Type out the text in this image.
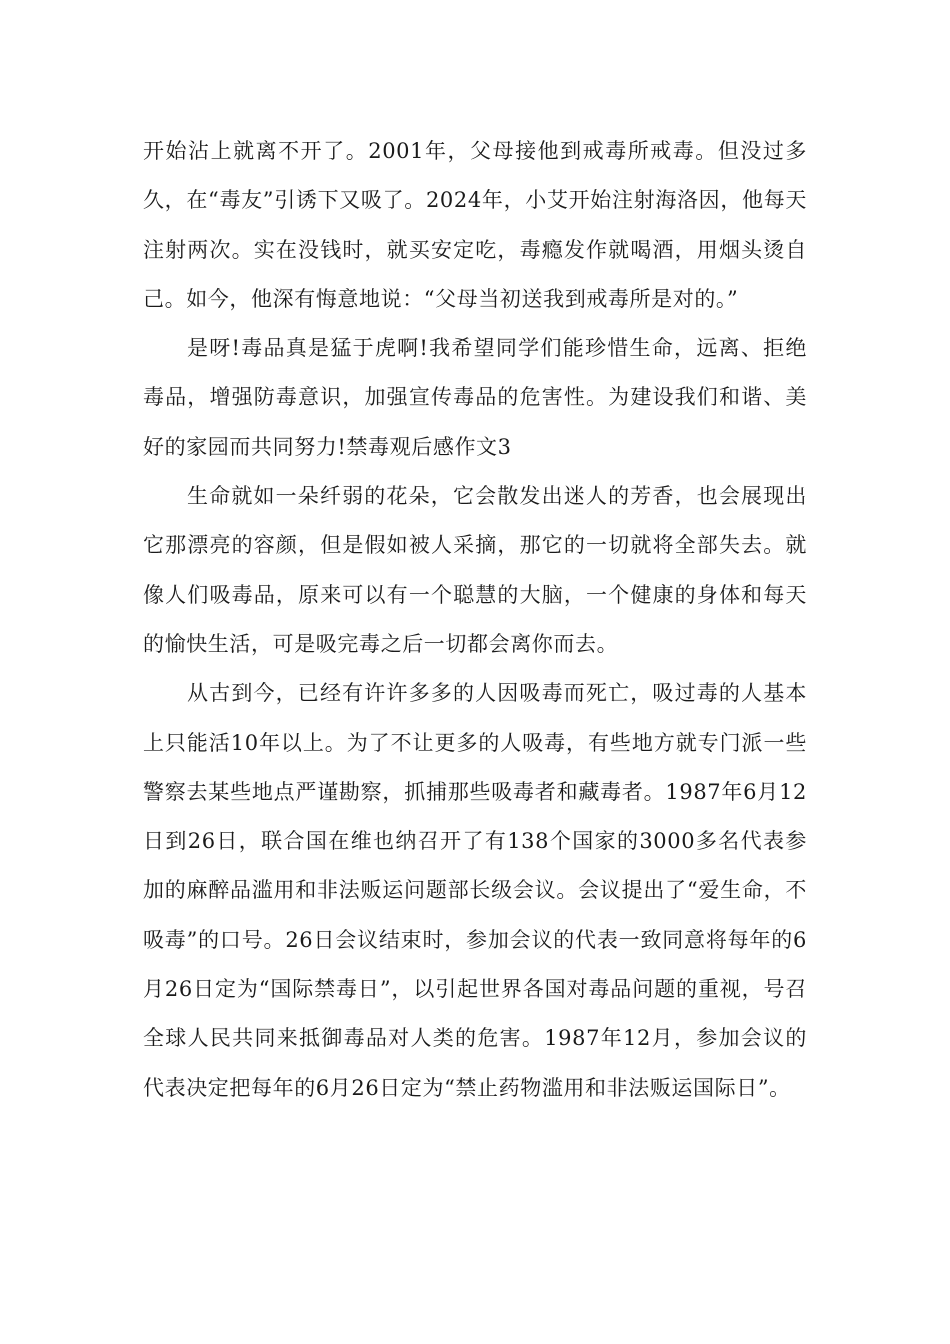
开始沾上就离不开了。2001年，父母接他到戒毒所戒毒。但没过多久，在“毒友”引诱下又吸了。2024年，小艾开始注射海洛因，他每天注射两次。实在没钱时，就买安定吃，毒瘾发作就喝酒，用烟头烫自己。如今，他深有悔意地说：“父母当初送我到戒毒所是对的。”

是呀!毒品真是猛于虎啊!我希望同学们能珍惜生命，远离、拒绝毒品，增强防毒意识，加强宣传毒品的危害性。为建设我们和谐、美好的家园而共同努力!禁毒观后感作文3

生命就如一朵纤弱的花朵，它会散发出迷人的芳香，也会展现出它那漂亮的容颜，但是假如被人采摘，那它的一切就将全部失去。就像人们吸毒品，原来可以有一个聪慧的大脑，一个健康的身体和每天的愉快生活，可是吸完毒之后一切都会离你而去。

从古到今，已经有许许多多的人因吸毒而死亡，吸过毒的人基本上只能活10年以上。为了不让更多的人吸毒，有些地方就专门派一些警察去某些地点严谨勘察，抓捕那些吸毒者和藏毒者。1987年6月12日到26日，联合国在维也纳召开了有138个国家的3000多名代表参加的麻醉品滥用和非法贩运问题部长级会议。会议提出了“爱生命，不吸毒”的口号。26日会议结束时，参加会议的代表一致同意将每年的6月26日定为“国际禁毒日”，以引起世界各国对毒品问题的重视，号召全球人民共同来抵御毒品对人类的危害。1987年12月，参加会议的代表决定把每年的6月26日定为“禁止药物滥用和非法贩运国际日”。
